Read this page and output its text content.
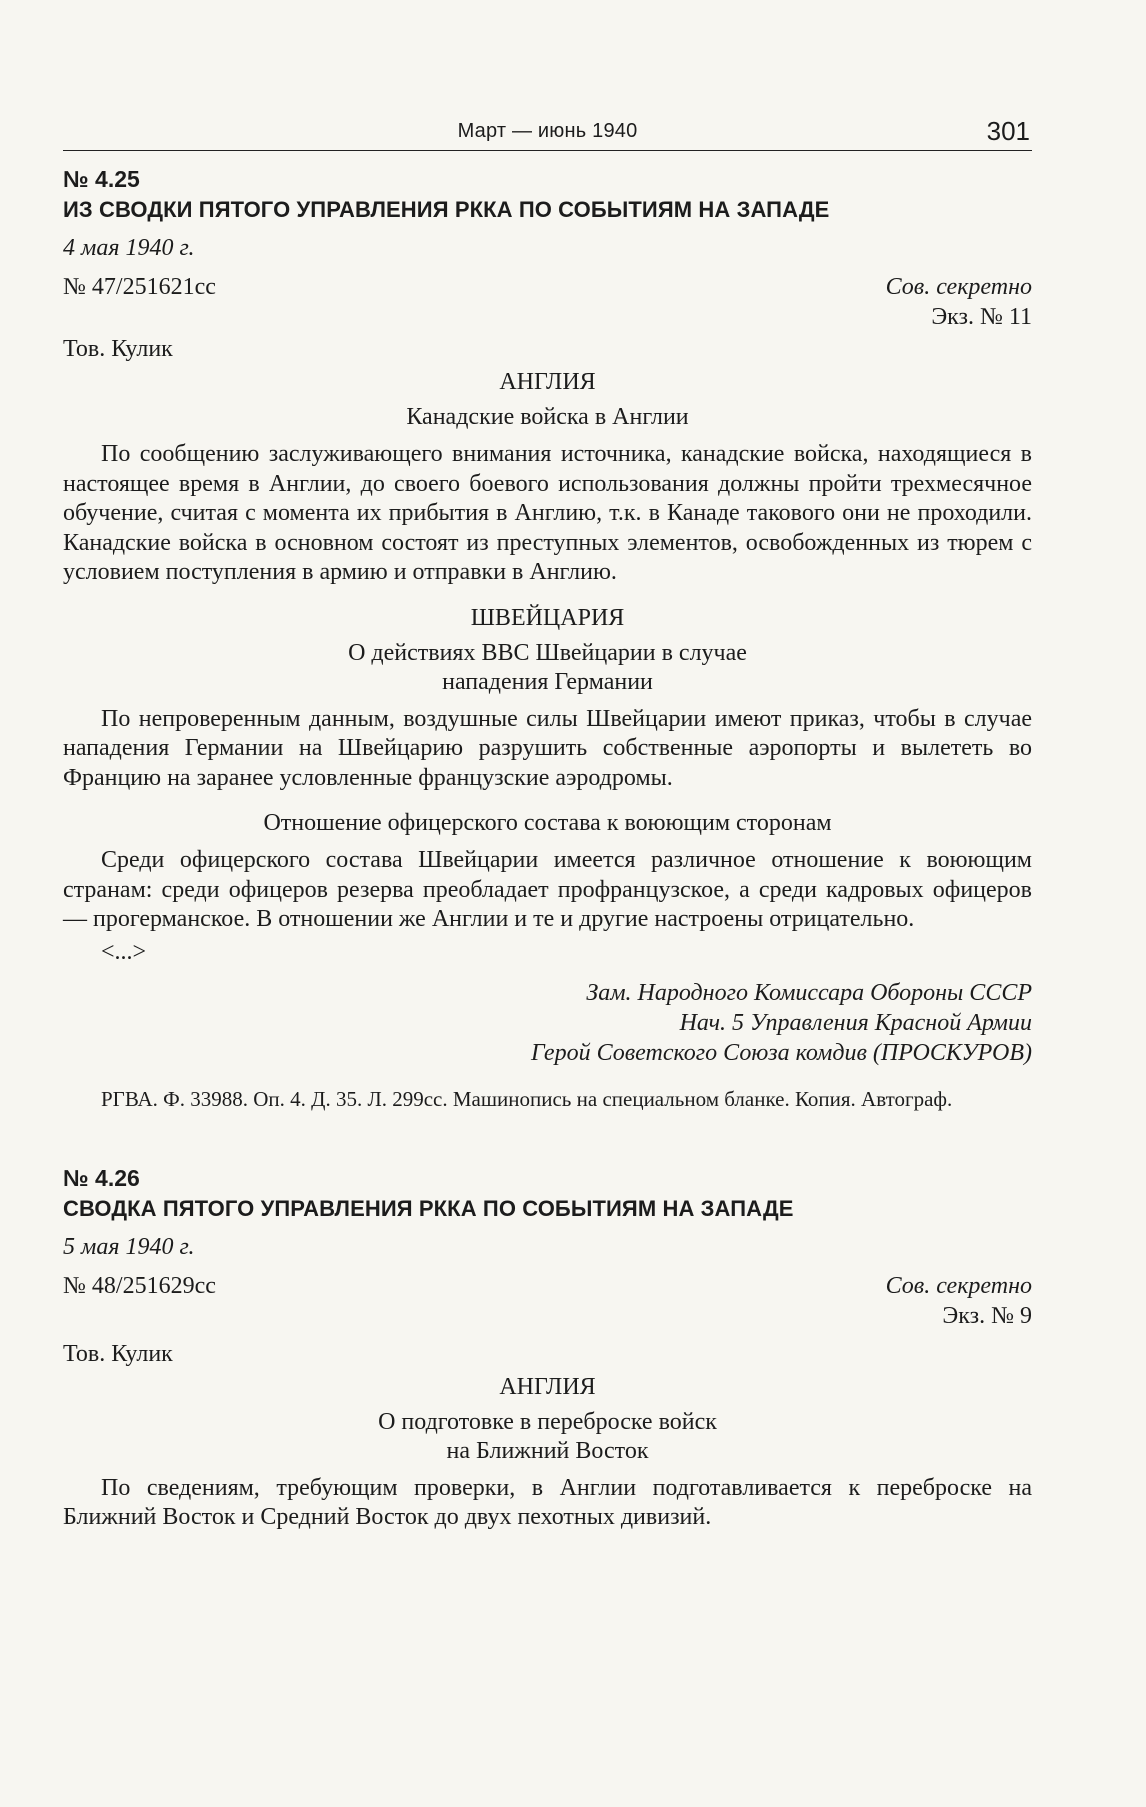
Март — июнь 1940	301
№ 4.25
ИЗ СВОДКИ ПЯТОГО УПРАВЛЕНИЯ РККА ПО СОБЫТИЯМ НА ЗАПАДЕ
4 мая 1940 г.
№ 47/251621сс	Сов. секретно
Экз. № 11
Тов. Кулик
АНГЛИЯ
Канадские войска в Англии

По сообщению заслуживающего внимания источника, канадские войска, находящиеся в настоящее время в Англии, до своего боевого использования должны пройти трехмесячное обучение, считая с момента их прибытия в Англию, т.к. в Канаде такового они не проходили. Канадские войска в основном состоят из преступных элементов, освобожденных из тюрем с условием поступления в армию и отправки в Англию.

ШВЕЙЦАРИЯ
О действиях ВВС Швейцарии в случае
нападения Германии

По непроверенным данным, воздушные силы Швейцарии имеют приказ, чтобы в случае нападения Германии на Швейцарию разрушить собственные аэропорты и вылететь во Францию на заранее условленные французские аэродромы.

Отношение офицерского состава к воюющим сторонам

Среди офицерского состава Швейцарии имеется различное отношение к воюющим странам: среди офицеров резерва преобладает профранцузское, а среди кадровых офицеров — прогерманское. В отношении же Англии и те и другие настроены отрицательно.

<...>
Зам. Народного Комиссара Обороны СССР
Нач. 5 Управления Красной Армии
Герой Советского Союза комдив (ПРОСКУРОВ)

РГВА. Ф. 33988. Оп. 4. Д. 35. Л. 299сс. Машинопись на специальном бланке. Копия. Автограф.

№ 4.26
СВОДКА ПЯТОГО УПРАВЛЕНИЯ РККА ПО СОБЫТИЯМ НА ЗАПАДЕ
5 мая 1940 г.
№ 48/251629сс	Сов. секретно
Экз. № 9
Тов. Кулик
АНГЛИЯ
О подготовке в переброске войск
на Ближний Восток

По сведениям, требующим проверки, в Англии подготавливается к переброске на Ближний Восток и Средний Восток до двух пехотных дивизий.
